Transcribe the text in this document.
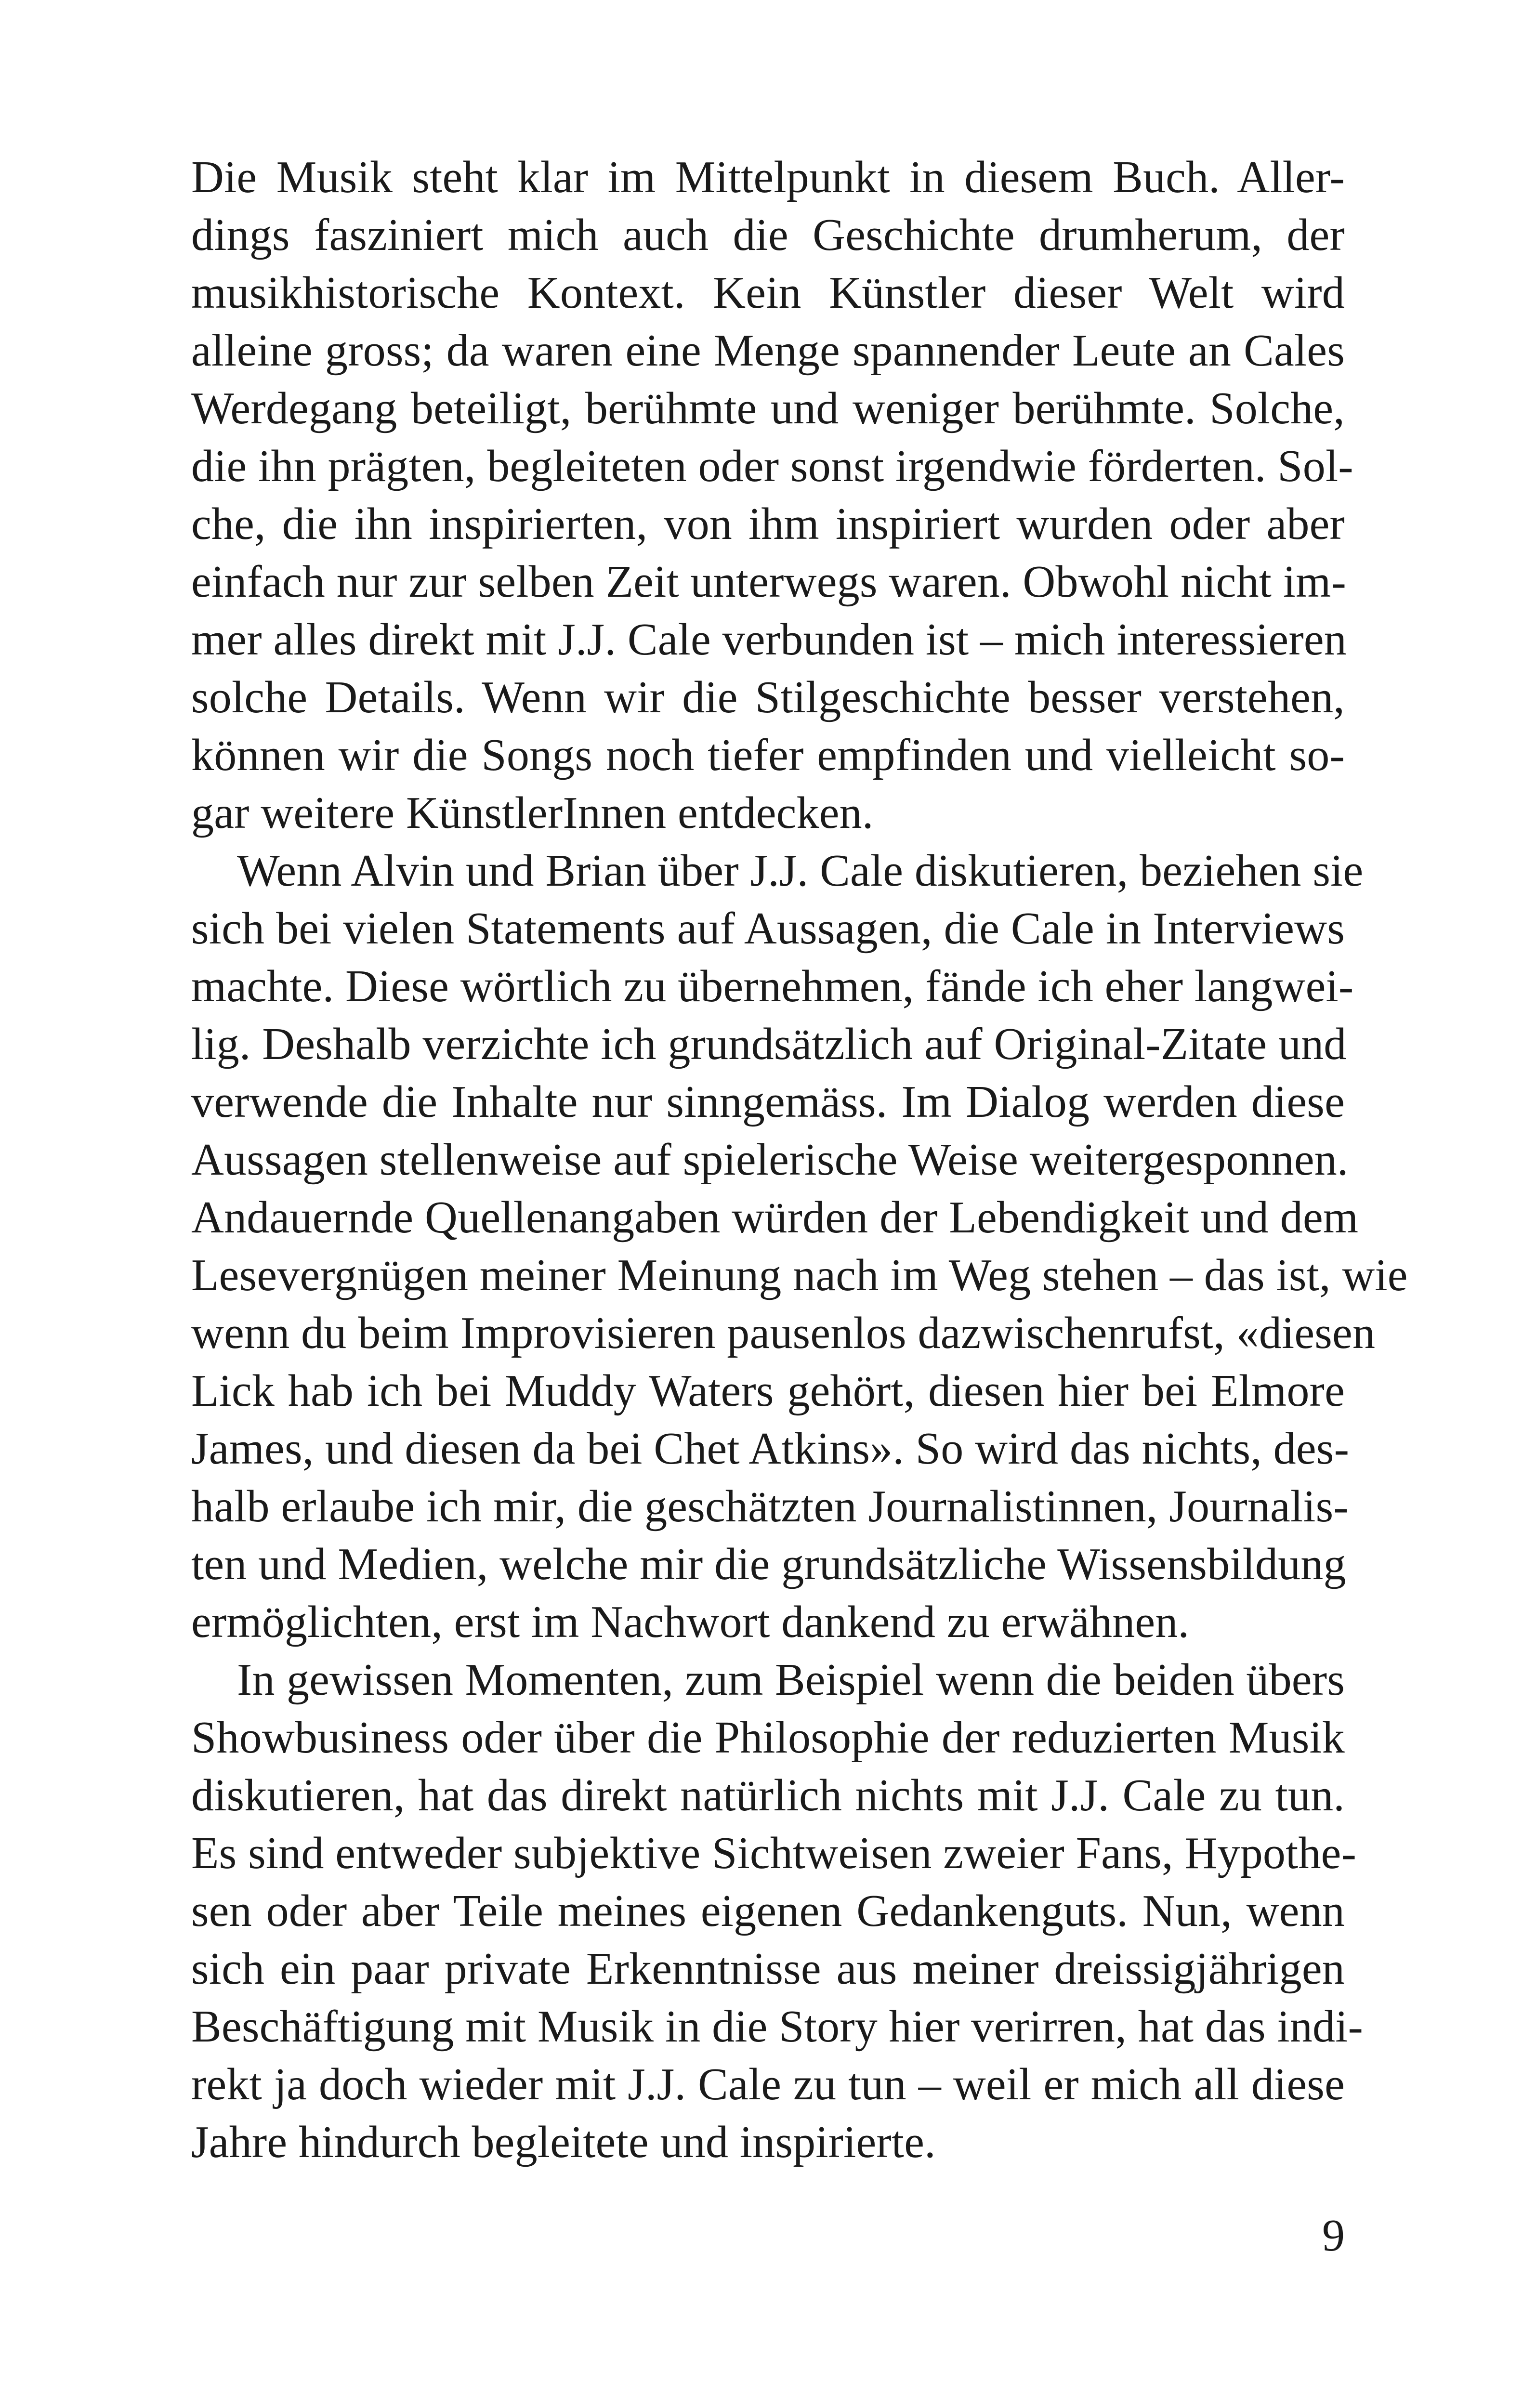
Die Musik steht klar im Mittelpunkt in diesem Buch. Aller-
dings fasziniert mich auch die Geschichte drumherum, der
musikhistorische Kontext. Kein Künstler dieser Welt wird
alleine gross; da waren eine Menge spannender Leute an Cales
Werdegang beteiligt, berühmte und weniger berühmte. Solche,
die ihn prägten, begleiteten oder sonst irgendwie förderten. Sol-
che, die ihn inspirierten, von ihm inspiriert wurden oder aber
einfach nur zur selben Zeit unterwegs waren. Obwohl nicht im-
mer alles direkt mit J.J. Cale verbunden ist – mich interessieren
solche Details. Wenn wir die Stilgeschichte besser verstehen,
können wir die Songs noch tiefer empfinden und vielleicht so-
gar weitere KünstlerInnen entdecken.
Wenn Alvin und Brian über J.J. Cale diskutieren, beziehen sie
sich bei vielen Statements auf Aussagen, die Cale in Interviews
machte. Diese wörtlich zu übernehmen, fände ich eher langwei-
lig. Deshalb verzichte ich grundsätzlich auf Original-Zitate und
verwende die Inhalte nur sinngemäss. Im Dialog werden diese
Aussagen stellenweise auf spielerische Weise weitergesponnen.
Andauernde Quellenangaben würden der Lebendigkeit und dem
Lesevergnügen meiner Meinung nach im Weg stehen – das ist, wie
wenn du beim Improvisieren pausenlos dazwischenrufst, «diesen
Lick hab ich bei Muddy Waters gehört, diesen hier bei Elmore
James, und diesen da bei Chet Atkins». So wird das nichts, des-
halb erlaube ich mir, die geschätzten Journalistinnen, Journalis-
ten und Medien, welche mir die grundsätzliche Wissensbildung
ermöglichten, erst im Nachwort dankend zu erwähnen.
In gewissen Momenten, zum Beispiel wenn die beiden übers
Showbusiness oder über die Philosophie der reduzierten Musik
diskutieren, hat das direkt natürlich nichts mit J.J. Cale zu tun.
Es sind entweder subjektive Sichtweisen zweier Fans, Hypothe-
sen oder aber Teile meines eigenen Gedankenguts. Nun, wenn
sich ein paar private Erkenntnisse aus meiner dreissigjährigen
Beschäftigung mit Musik in die Story hier verirren, hat das indi-
rekt ja doch wieder mit J.J. Cale zu tun – weil er mich all diese
Jahre hindurch begleitete und inspirierte.
9
